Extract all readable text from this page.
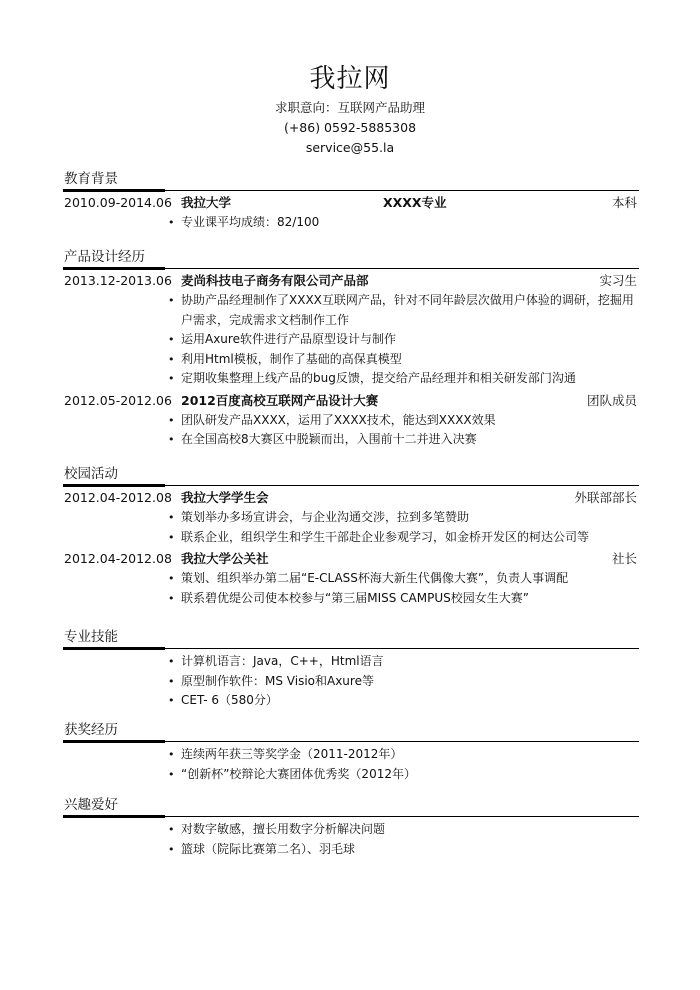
我拉网
求职意向：互联网产品助理
(+86) 0592-5885308
service@55.la
教育背景
2010.09-2014.06 我拉大学	XXXX专业	本科
• 专业课平均成绩：82/100
产品设计经历
2013.12-2013.06 麦尚科技电子商务有限公司产品部	实习生
• 协助产品经理制作了XXXX互联网产品，针对不同年龄层次做用户体验的调研，挖掘用户需求，完成需求文档制作工作
• 运用Axure软件进行产品原型设计与制作
• 利用Html模板，制作了基础的高保真模型
• 定期收集整理上线产品的bug反馈，提交给产品经理并和相关研发部门沟通
2012.05-2012.06 2012百度高校互联网产品设计大赛	团队成员
• 团队研发产品XXXX，运用了XXXX技术，能达到XXXX效果
• 在全国高校8大赛区中脱颖而出，入围前十二并进入决赛
校园活动
2012.04-2012.08 我拉大学学生会	外联部部长
• 策划举办多场宣讲会，与企业沟通交涉，拉到多笔赞助
• 联系企业，组织学生和学生干部赴企业参观学习，如金桥开发区的柯达公司等
2012.04-2012.08 我拉大学公关社	社长
• 策划、组织举办第二届“E-CLASS杯海大新生代偶像大赛”，负责人事调配
• 联系碧优缇公司使本校参与“第三届MISS CAMPUS校园女生大赛”
专业技能
• 计算机语言：Java，C++，Html语言
• 原型制作软件：MS Visio和Axure等
• CET- 6（580分）
获奖经历
• 连续两年获三等奖学金（2011-2012年）
• “创新杯”校辩论大赛团体优秀奖（2012年）
兴趣爱好
• 对数字敏感，擅长用数字分析解决问题
• 篮球（院际比赛第二名）、羽毛球
